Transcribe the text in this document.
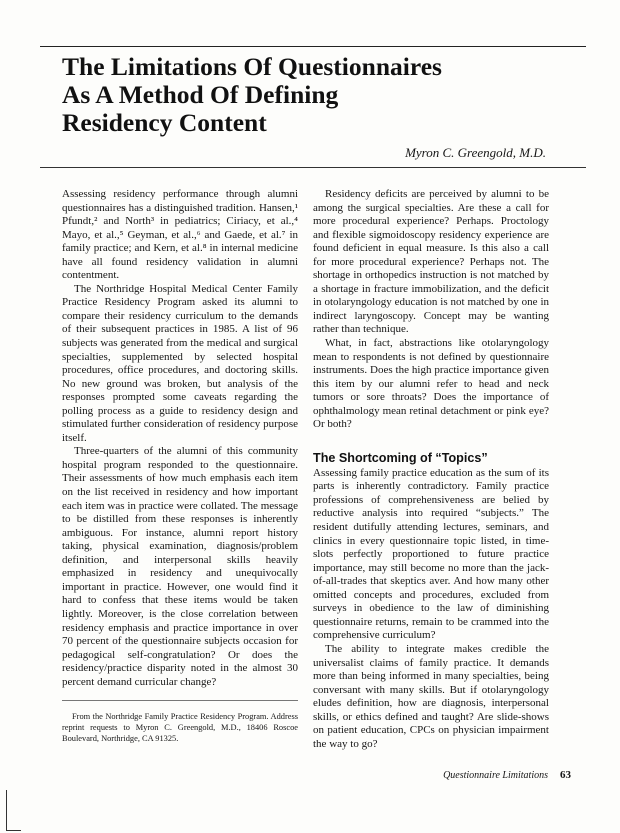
The Limitations Of Questionnaires
As A Method Of Defining
Residency Content
Myron C. Greengold, M.D.

Assessing residency performance through alumni questionnaires has a distinguished tradition. Hansen,¹ Pfundt,² and North³ in pediatrics; Ciriacy, et al.,⁴ Mayo, et al.,⁵ Geyman, et al.,⁶ and Gaede, et al.⁷ in family practice; and Kern, et al.⁸ in internal medicine have all found residency validation in alumni contentment.

The Northridge Hospital Medical Center Family Practice Residency Program asked its alumni to compare their residency curriculum to the demands of their subsequent practices in 1985. A list of 96 subjects was generated from the medical and surgical specialties, supplemented by selected hospital procedures, office procedures, and doctoring skills. No new ground was broken, but analysis of the responses prompted some caveats regarding the polling process as a guide to residency design and stimulated further consideration of residency purpose itself.

Three-quarters of the alumni of this community hospital program responded to the questionnaire. Their assessments of how much emphasis each item on the list received in residency and how important each item was in practice were collated. The message to be distilled from these responses is inherently ambiguous. For instance, alumni report history taking, physical examination, diagnosis/problem definition, and interpersonal skills heavily emphasized in residency and unequivocally important in practice. However, one would find it hard to confess that these items would be taken lightly. Moreover, is the close correlation between residency emphasis and practice importance in over 70 percent of the questionnaire subjects occasion for pedagogical self-congratulation? Or does the residency/practice disparity noted in the almost 30 percent demand curricular change?

From the Northridge Family Practice Residency Program. Address reprint requests to Myron C. Greengold, M.D., 18406 Roscoe Boulevard, Northridge, CA 91325.

Residency deficits are perceived by alumni to be among the surgical specialties. Are these a call for more procedural experience? Perhaps. Proctology and flexible sigmoidoscopy residency experience are found deficient in equal measure. Is this also a call for more procedural experience? Perhaps not. The shortage in orthopedics instruction is not matched by a shortage in fracture immobilization, and the deficit in otolaryngology education is not matched by one in indirect laryngoscopy. Concept may be wanting rather than technique.

What, in fact, abstractions like otolaryngology mean to respondents is not defined by questionnaire instruments. Does the high practice importance given this item by our alumni refer to head and neck tumors or sore throats? Does the importance of ophthalmology mean retinal detachment or pink eye? Or both?

The Shortcoming of “Topics”

Assessing family practice education as the sum of its parts is inherently contradictory. Family practice professions of comprehensiveness are belied by reductive analysis into required “subjects.” The resident dutifully attending lectures, seminars, and clinics in every questionnaire topic listed, in time-slots perfectly proportioned to future practice importance, may still become no more than the jack-of-all-trades that skeptics aver. And how many other omitted concepts and procedures, excluded from surveys in obedience to the law of diminishing questionnaire returns, remain to be crammed into the comprehensive curriculum?

The ability to integrate makes credible the universalist claims of family practice. It demands more than being informed in many specialties, being conversant with many skills. But if otolaryngology eludes definition, how are diagnosis, interpersonal skills, or ethics defined and taught? Are slide-shows on patient education, CPCs on physician impairment the way to go?

Questionnaire Limitations 63
